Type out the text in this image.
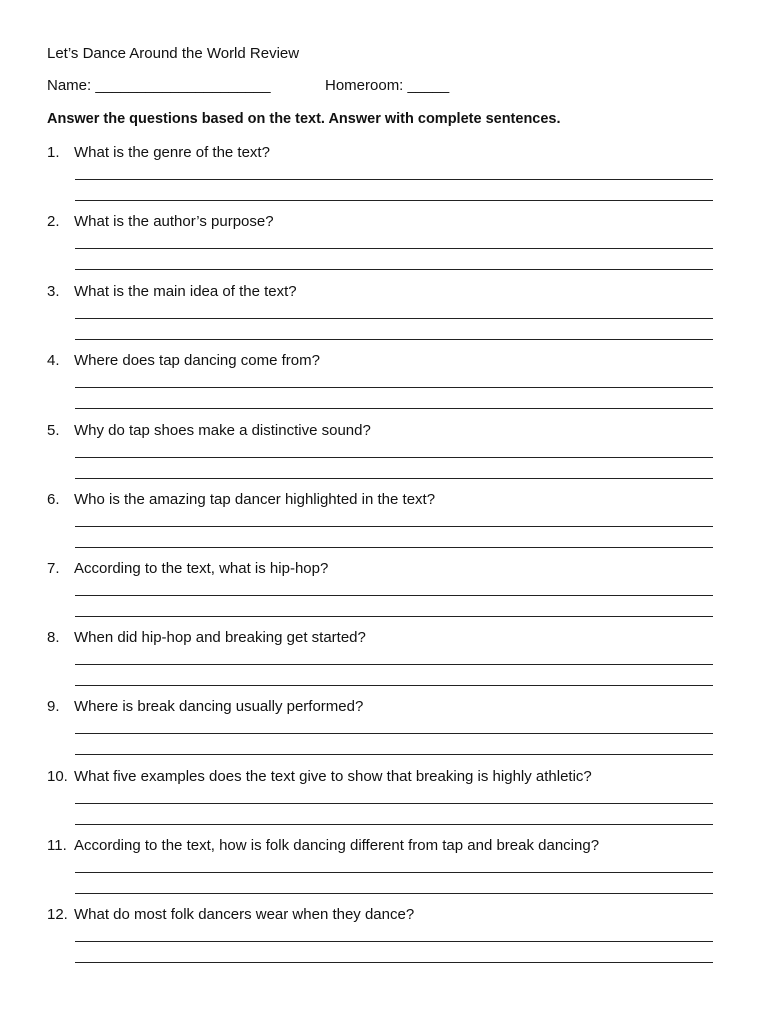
Let’s Dance Around the World Review
Name: _____________________	Homeroom: _____
Answer the questions based on the text. Answer with complete sentences.
1. What is the genre of the text?
2. What is the author’s purpose?
3. What is the main idea of the text?
4. Where does tap dancing come from?
5. Why do tap shoes make a distinctive sound?
6. Who is the amazing tap dancer highlighted in the text?
7. According to the text, what is hip-hop?
8. When did hip-hop and breaking get started?
9. Where is break dancing usually performed?
10. What five examples does the text give to show that breaking is highly athletic?
11. According to the text, how is folk dancing different from tap and break dancing?
12. What do most folk dancers wear when they dance?
